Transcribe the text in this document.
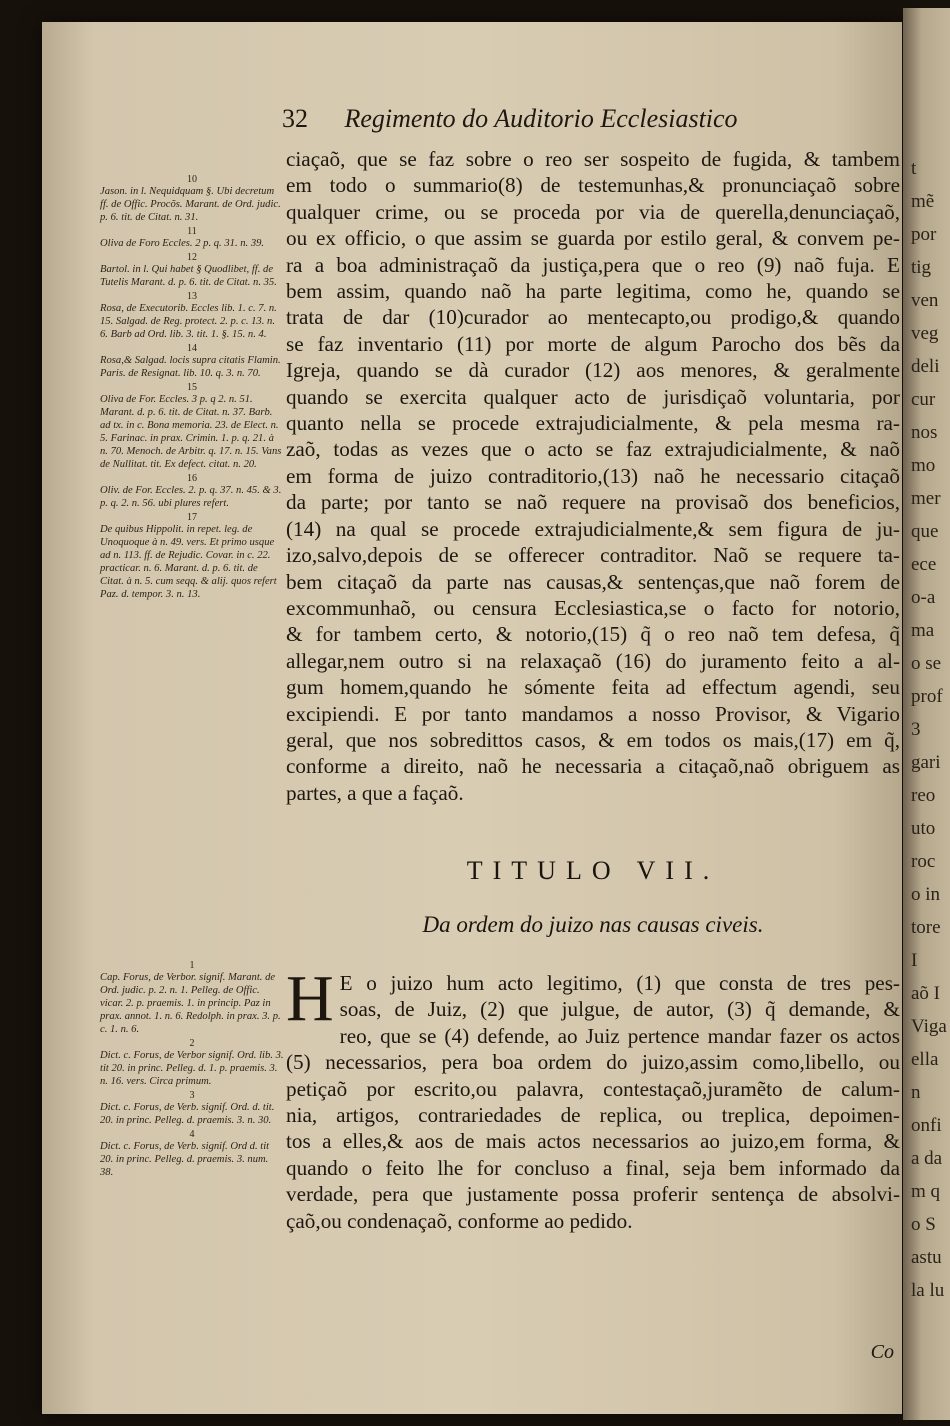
32 Regimento do Auditorio Ecclesiastico
10
Jason. in l. Nequidquam §. Ubi decretum ff. de Offic. Procõs. Marant. de Ord. judic. p. 6. tit. de Citat. n. 31.
11
Oliva de Foro Eccles. 2 p. q. 31. n. 39.
12
Bartol. in l. Qui habet § Quodlibet, ff. de Tutelis Marant. d. p. 6. tit. de Citat. n. 35.
13
Rosa, de Executorib. Eccles lib. 1. c. 7. n. 15. Salgad. de Reg. protect. 2. p. c. 13. n. 6. Barb ad Ord. lib. 3. tit. 1. §. 15. n. 4.
14
Rosa,& Salgad. locis supra citatis Flamin. Paris. de Resignat. lib. 10. q. 3. n. 70.
15
Oliva de For. Eccles. 3 p. q 2. n. 51. Marant. d. p. 6. tit. de Citat. n. 37. Barb. ad tx. in c. Bona memoria. 23. de Elect. n. 5. Farinac. in prax. Crimin. 1. p. q. 21. à n. 70. Menoch. de Arbitr. q. 17. n. 15. Vans de Nullitat. tit. Ex defect. citat. n. 20.
16
Oliv. de For. Eccles. 2. p. q. 37. n. 45. & 3. p. q. 2. n. 56. ubi plures refert.
17
De quibus Hippolit. in repet. leg. de Unoquoque à n. 49. vers. Et primo usque ad n. 113. ff. de Rejudic. Covar. in c. 22. practicar. n. 6. Marant. d. p. 6. tit. de Citat. à n. 5. cum seqq. & alij. quos refert Paz. d. tempor. 3. n. 13.
ciaçaõ, que se faz sobre o reo ser sospeito de fugida, & tambem
em todo o summario(8) de testemunhas,& pronunciaçaõ sobre
qualquer crime, ou se proceda por via de querella,denunciaçaõ,
ou ex officio, o que assim se guarda por estilo geral, & convem pe-
ra a boa administraçaõ da justiça,pera que o reo (9) naõ fuja. E
bem assim, quando naõ ha parte legitima, como he, quando se
trata de dar (10)curador ao mentecapto,ou prodigo,& quando
se faz inventario (11) por morte de algum Parocho dos bẽs da
Igreja, quando se dà curador (12) aos menores, & geralmente
quando se exercita qualquer acto de jurisdiçaõ voluntaria, por
quanto nella se procede extrajudicialmente, & pela mesma ra-
zaõ, todas as vezes que o acto se faz extrajudicialmente, & naõ
em forma de juizo contraditorio,(13) naõ he necessario citaçaõ
da parte; por tanto se naõ requere na provisaõ dos beneficios,
(14) na qual se procede extrajudicialmente,& sem figura de ju-
izo,salvo,depois de se offerecer contraditor. Naõ se requere ta-
bem citaçaõ da parte nas causas,& sentenças,que naõ forem de
excommunhaõ, ou censura Ecclesiastica,se o facto for notorio,
& for tambem certo, & notorio,(15) q̃ o reo naõ tem defesa, q̃
allegar,nem outro si na relaxaçaõ (16) do juramento feito a al-
gum homem,quando he sómente feita ad effectum agendi, seu
excipiendi. E por tanto mandamos a nosso Provisor, & Vigario
geral, que nos sobredittos casos, & em todos os mais,(17) em q̃,
conforme a direito, naõ he necessaria a citaçaõ,naõ obriguem as
partes, a que a façaõ.
TITULO VII.
Da ordem do juizo nas causas civeis.
1
Cap. Forus, de Verbor. signif. Marant. de Ord. judic. p. 2. n. 1. Pelleg. de Offic. vicar. 2. p. praemis. 1. in princip. Paz in prax. annot. 1. n. 6. Redolph. in prax. 3. p. c. 1. n. 6.
2
Dict. c. Forus, de Verbor signif. Ord. lib. 3. tit 20. in princ. Pelleg. d. 1. p. praemis. 3. n. 16. vers. Circa primum.
3
Dict. c. Forus, de Verb. signif. Ord. d. tit. 20. in princ. Pelleg. d. praemis. 3. n. 30.
4
Dict. c. Forus, de Verb. signif. Ord d. tit 20. in princ. Pelleg. d. praemis. 3. num. 38.
H E o juizo hum acto legitimo, (1) que consta de tres pes-
soas, de Juiz, (2) que julgue, de autor, (3) q̃ demande, &
reo, que se (4) defende, ao Juiz pertence mandar fazer os actos
(5) necessarios, pera boa ordem do juizo,assim como,libello, ou
petiçaõ por escrito,ou palavra, contestaçaõ,juramẽto de calum-
nia, artigos, contrariedades de replica, ou treplica, depoimen-
tos a elles,& aos de mais actos necessarios ao juizo,em forma, &
quando o feito lhe for concluso a final, seja bem informado da
verdade, pera que justamente possa proferir sentença de absolvi-
çaõ,ou condenaçaõ, conforme ao pedido.
Co
t
mẽ
por
tig
ven
veg
deli
cur
nos
mo
mer
que
ece
o-a
ma
o se
prof
3
gari
reo
uto
roc
o in
tore
I
aõ I
Viga
ella
n
onfi
a da
m q
o S
astu
la lu
